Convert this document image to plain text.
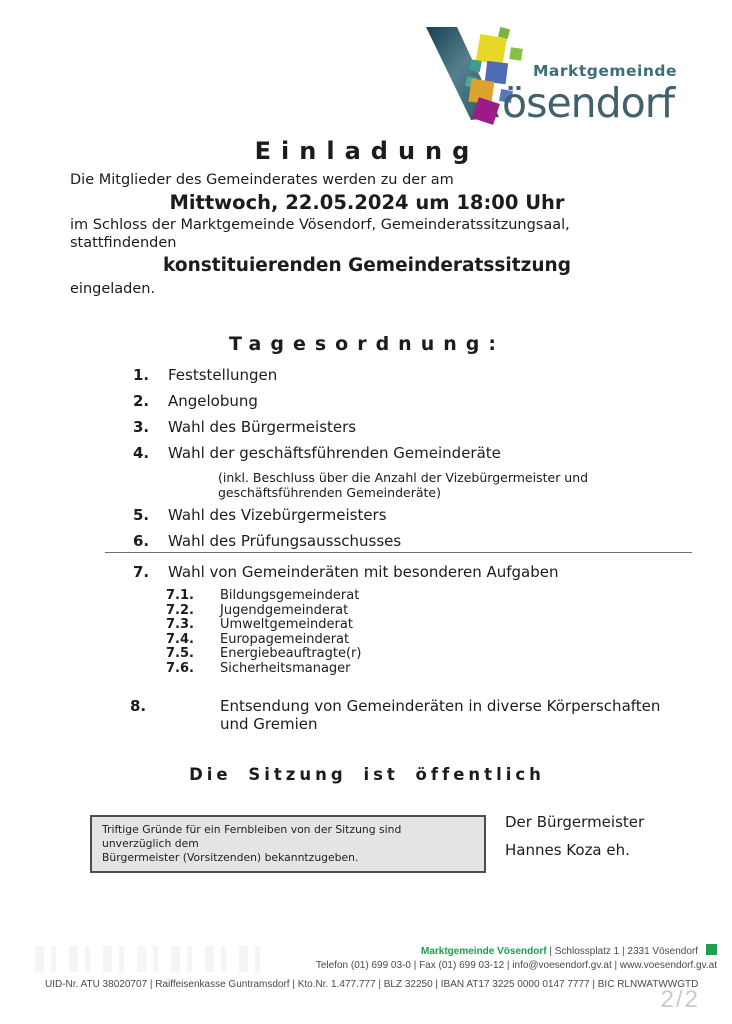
Marktgemeinde
ösendorf
Einladung

Die Mitglieder des Gemeinderates werden zu der am

Mittwoch, 22.05.2024 um 18:00 Uhr

im Schloss der Marktgemeinde Vösendorf, Gemeinderatssitzungsaal, stattfindenden

konstituierenden Gemeinderatssitzung

eingeladen.

Tagesordnung:
1.	Feststellungen
2.	Angelobung
3.	Wahl des Bürgermeisters
4.	Wahl der geschäftsführenden Gemeinderäte
(inkl. Beschluss über die Anzahl der Vizebürgermeister und
geschäftsführenden Gemeinderäte)
5.	Wahl des Vizebürgermeisters
6.	Wahl des Prüfungsausschusses
7.	Wahl von Gemeinderäten mit besonderen Aufgaben
7.1.	Bildungsgemeinderat
7.2.	Jugendgemeinderat
7.3.	Umweltgemeinderat
7.4.	Europagemeinderat
7.5.	Energiebeauftragte(r)
7.6.	Sicherheitsmanager
8.	Entsendung von Gemeinderäten in diverse Körperschaften
und Gremien
Die Sitzung ist öffentlich
Triftige Gründe für ein Fernbleiben von der Sitzung sind unverzüglich dem
Bürgermeister (Vorsitzenden) bekanntzugeben.
Der Bürgermeister
Hannes Koza eh.
Marktgemeinde Vösendorf | Schlossplatz 1 | 2331 Vösendorf
Telefon (01) 699 03-0 | Fax (01) 699 03-12 | info@voesendorf.gv.at | www.voesendorf.gv.at
UID-Nr. ATU 38020707 | Raiffeisenkasse Guntramsdorf | Kto.Nr. 1.477.777 | BLZ 32250 | IBAN AT17 3225 0000 0147 7777 | BIC RLNWATWWGTD
2/2
